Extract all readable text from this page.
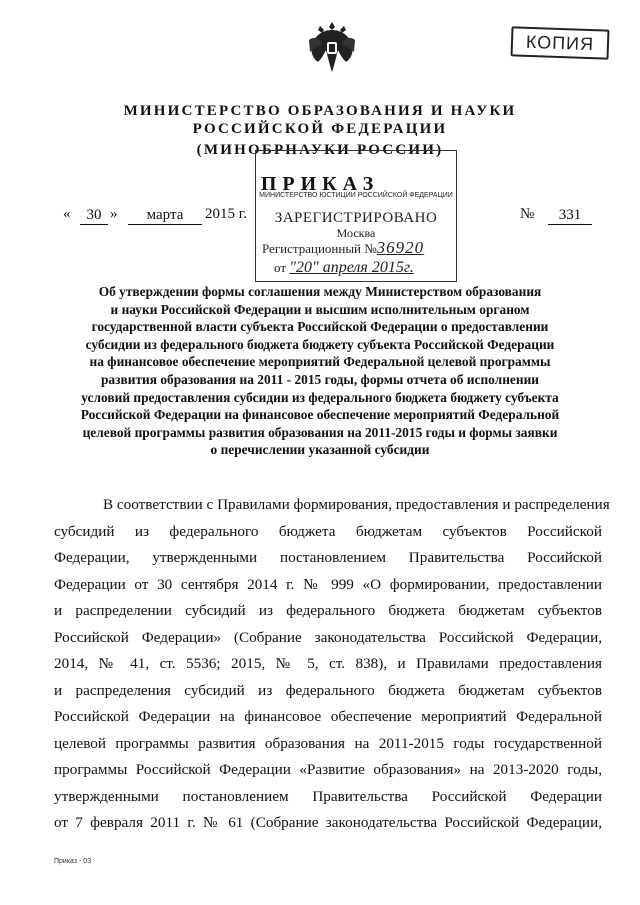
КОПИЯ
МИНИСТЕРСТВО ОБРАЗОВАНИЯ И НАУКИ
РОССИЙСКОЙ ФЕДЕРАЦИИ
(МИНОБРНАУКИ РОССИИ)
ПРИКАЗ
МИНИСТЕРСТВО ЮСТИЦИИ РОССИЙСКОЙ ФЕДЕРАЦИИ
ЗАРЕГИСТРИРОВАНО
Москва
Регистрационный №36920
от "20" апреля 2015г.
«	30 »	марта	2015 г.	№	331
Об утверждении формы соглашения между Министерством образования
и науки Российской Федерации и высшим исполнительным органом
государственной власти субъекта Российской Федерации о предоставлении
субсидии из федерального бюджета бюджету субъекта Российской Федерации
на финансовое обеспечение мероприятий Федеральной целевой программы
развития образования на 2011 - 2015 годы, формы отчета об исполнении
условий предоставления субсидии из федерального бюджета бюджету субъекта
Российской Федерации на финансовое обеспечение мероприятий Федеральной
целевой программы развития образования на 2011-2015 годы и формы заявки
о перечислении указанной субсидии
В соответствии с Правилами формирования, предоставления и распределения
субсидий из федерального бюджета бюджетам субъектов Российской
Федерации, утвержденными постановлением Правительства Российской
Федерации от 30 сентября 2014 г. № 999 «О формировании, предоставлении
и распределении субсидий из федерального бюджета бюджетам субъектов
Российской Федерации» (Собрание законодательства Российской Федерации,
2014, № 41, ст. 5536; 2015, № 5, ст. 838), и Правилами предоставления
и распределения субсидий из федерального бюджета бюджетам субъектов
Российской Федерации на финансовое обеспечение мероприятий Федеральной
целевой программы развития образования на 2011-2015 годы государственной
программы Российской Федерации «Развитие образования» на 2013-2020 годы,
утвержденными постановлением Правительства Российской Федерации
от 7 февраля 2011 г. № 61 (Собрание законодательства Российской Федерации,
Приказ - 03
